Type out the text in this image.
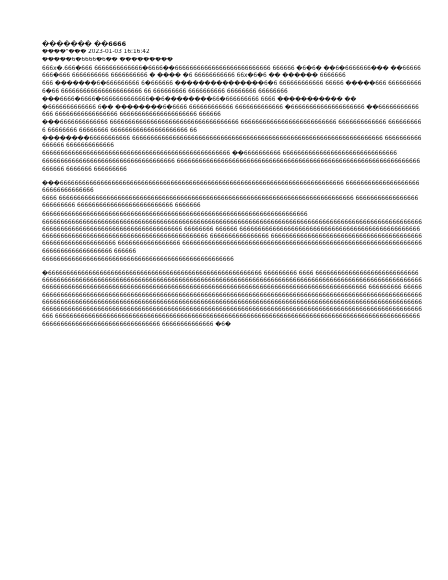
������� ��6666
����"��� 2023-01-03 16:16:42
�����6�6666�6�� ���������

666x�.666�666 6666666666666�6666��66666666666666666666666666 666666 �6�6� ��6�6666666��� ��66666666�666 6666666666 6666666666 � ���� �6 66666666666 66x�6�6 �� ������ 6666666

666 �������6�666666666 6�666666 ���������������6�6 666666666666 66666 �����666 6666666666�66 6666666666666666666666 66 666666666 6666666666 66666666 66666666

���6666�6666�6666666666666��6��������66�666666666 6666 ����������� ��

�6666666666666 6�� ��������6�6666 666666666666 6666666666666 �66666666666666666666 ��66666666666666 66666666666666666 666666666666666666666 666666

���6666666666666 66666666666666666666666666666666666 66666666666666666666666666 6666666666666 6666666666 66666666 66666666 666666666666666666666 66

��������66666666666 66666666666666666666666666666666666666666666666666666666666666666666 6666666666666666 6666666666666

666666666666666666666666666666666666666666666666666 ��6666666666 6666666666666666666666666666666

666666666666666666666666666666666666 666666666666666666666666666666666666666666666666666666666666666666666666 6666666 666666666

���66666666666666666666666666666666666666666666666666666666666666666666666666666 6666666666666666666666666666666666

6666 66666666666666666666666666666666666666666666666666666666666666666666666666666666 66666666666666666 666666666 66666666666666666666666666 6666666

666666666666666666666666666666666666666666666666666666666666666666666666

666666666666666666666666666666666666666666666666666666666666666666666666666666666666666666666666666666666666666666666666666666666666666666666 66666666 666666 6666666666666666666666666666666666666666666666666666666666666666666666666666666666666666666666 6666666666666666 6666666666666666666666666666666666666666666666666666666666666 66666666666666666 666666666666666666666666666666666666666666666666666666666666666666666666666666666666 666666

6666666666666666666666666666666666666666666666666666

�6666666666666666666666666666666666666666666666666666666666 666666666 6666 666666666666666666666666666666666666666666666666666666666666666666666666666666666666666666666666666666666666666666666666666666666666666666666666666666666666666666666666666666666666666666666666666666666666666666666666666 666666666 66666666666666666666666666666666666666666666666666666666666666666666666666666666666666666666666666666666666666666666666666666666666666666666666666666666666666666666666666666666666666666666666666666666666666666666666666666666666666666666666666666666666666666666666666666666666666666666666666666666666666666666666666666 66666666666666666666666666666666666666666666666666666666666666666666666666666666666666666666666666666666666666666666666666666666666 66666666666666 �6�
